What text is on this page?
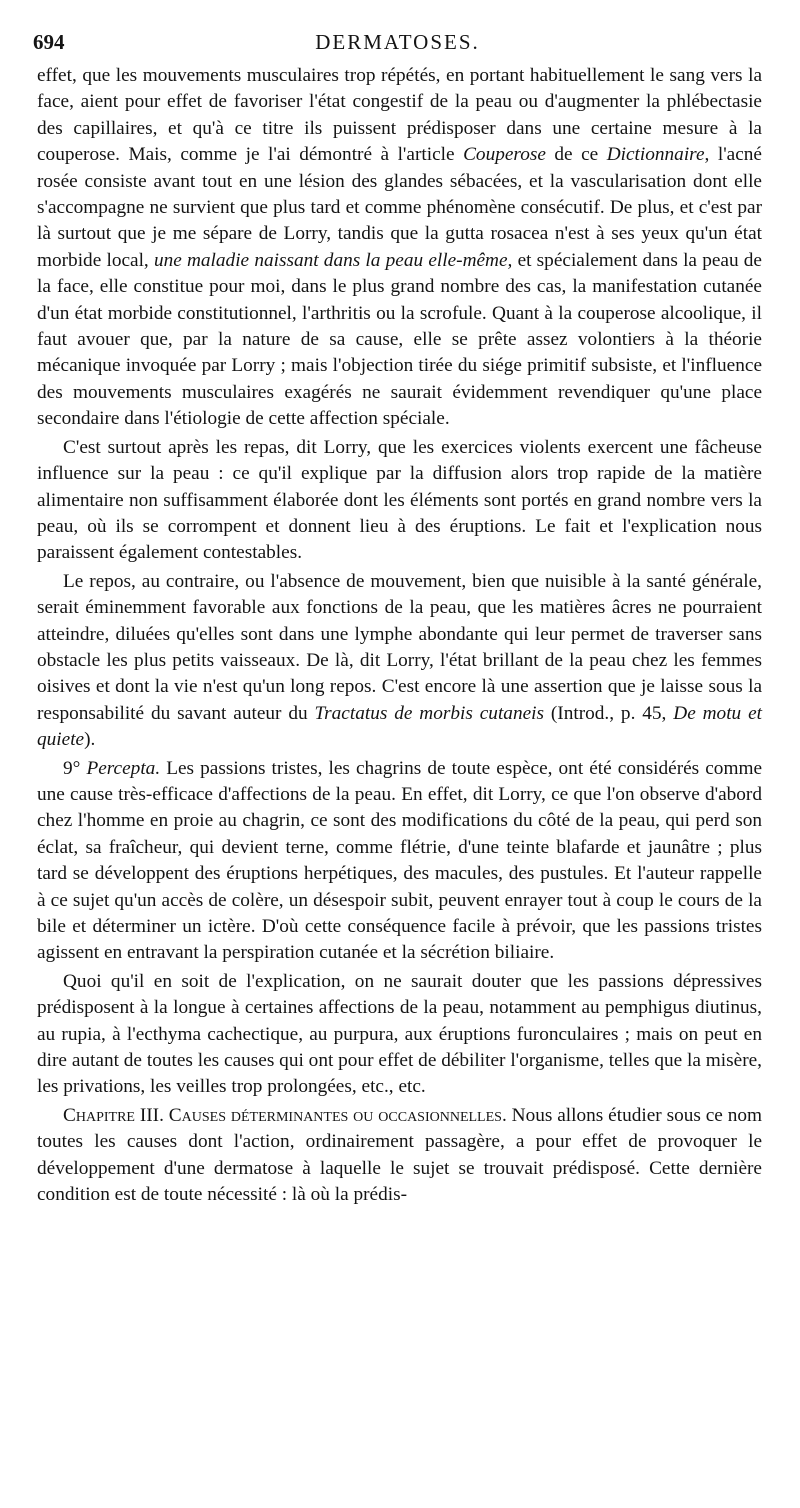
694	DERMATOSES.

effet, que les mouvements musculaires trop répétés, en portant habituellement le sang vers la face, aient pour effet de favoriser l'état congestif de la peau ou d'augmenter la phlébectasie des capillaires, et qu'à ce titre ils puissent prédisposer dans une certaine mesure à la couperose. Mais, comme je l'ai démontré à l'article Couperose de ce Dictionnaire, l'acné rosée consiste avant tout en une lésion des glandes sébacées, et la vascularisation dont elle s'accompagne ne survient que plus tard et comme phénomène consécutif. De plus, et c'est par là surtout que je me sépare de Lorry, tandis que la gutta rosacea n'est à ses yeux qu'un état morbide local, une maladie naissant dans la peau elle-même, et spécialement dans la peau de la face, elle constitue pour moi, dans le plus grand nombre des cas, la manifestation cutanée d'un état morbide constitutionnel, l'arthritis ou la scrofule. Quant à la couperose alcoolique, il faut avouer que, par la nature de sa cause, elle se prête assez volontiers à la théorie mécanique invoquée par Lorry ; mais l'objection tirée du siége primitif subsiste, et l'influence des mouvements musculaires exagérés ne saurait évidemment revendiquer qu'une place secondaire dans l'étiologie de cette affection spéciale.

C'est surtout après les repas, dit Lorry, que les exercices violents exercent une fâcheuse influence sur la peau : ce qu'il explique par la diffusion alors trop rapide de la matière alimentaire non suffisamment élaborée dont les éléments sont portés en grand nombre vers la peau, où ils se corrompent et donnent lieu à des éruptions. Le fait et l'explication nous paraissent également contestables.

Le repos, au contraire, ou l'absence de mouvement, bien que nuisible à la santé générale, serait éminemment favorable aux fonctions de la peau, que les matières âcres ne pourraient atteindre, diluées qu'elles sont dans une lymphe abondante qui leur permet de traverser sans obstacle les plus petits vaisseaux. De là, dit Lorry, l'état brillant de la peau chez les femmes oisives et dont la vie n'est qu'un long repos. C'est encore là une assertion que je laisse sous la responsabilité du savant auteur du Tractatus de morbis cutaneis (Introd., p. 45, De motu et quiete).

9° Percepta. Les passions tristes, les chagrins de toute espèce, ont été considérés comme une cause très-efficace d'affections de la peau. En effet, dit Lorry, ce que l'on observe d'abord chez l'homme en proie au chagrin, ce sont des modifications du côté de la peau, qui perd son éclat, sa fraîcheur, qui devient terne, comme flétrie, d'une teinte blafarde et jaunâtre ; plus tard se développent des éruptions herpétiques, des macules, des pustules. Et l'auteur rappelle à ce sujet qu'un accès de colère, un désespoir subit, peuvent enrayer tout à coup le cours de la bile et déterminer un ictère. D'où cette conséquence facile à prévoir, que les passions tristes agissent en entravant la perspiration cutanée et la sécrétion biliaire.

Quoi qu'il en soit de l'explication, on ne saurait douter que les passions dépressives prédisposent à la longue à certaines affections de la peau, notamment au pemphigus diutinus, au rupia, à l'ecthyma cachectique, au purpura, aux éruptions furonculaires ; mais on peut en dire autant de toutes les causes qui ont pour effet de débiliter l'organisme, telles que la misère, les privations, les veilles trop prolongées, etc., etc.

Chapitre III. Causes déterminantes ou occasionnelles. Nous allons étudier sous ce nom toutes les causes dont l'action, ordinairement passagère, a pour effet de provoquer le développement d'une dermatose à laquelle le sujet se trouvait prédisposé. Cette dernière condition est de toute nécessité : là où la prédis-
